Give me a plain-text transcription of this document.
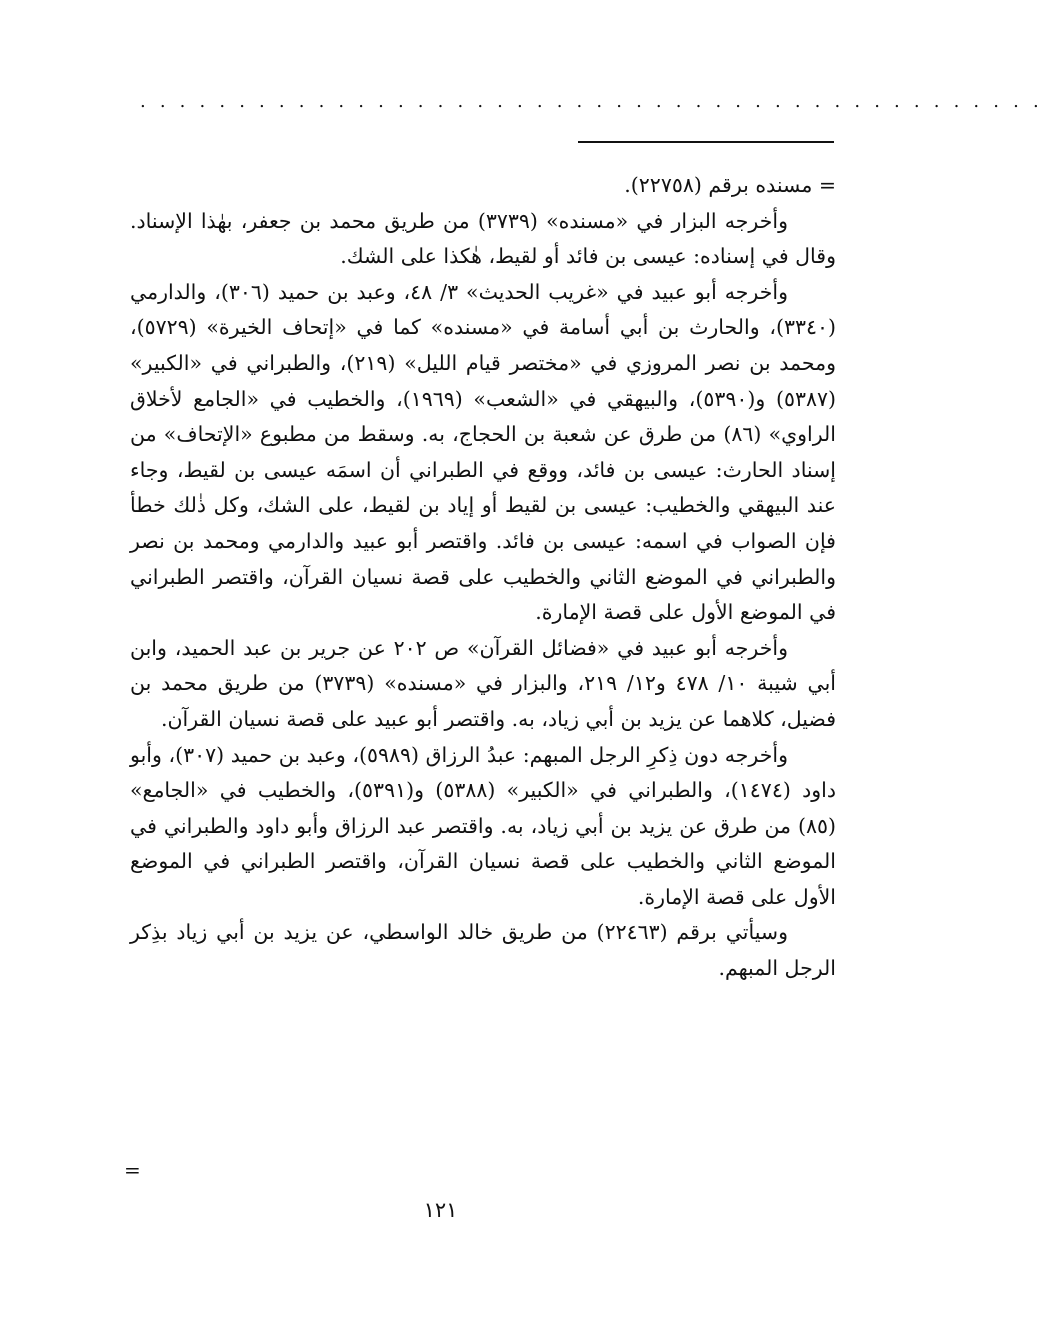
. . . . . . . . . . . . . . . . . . . . . . . . . . . . . . . . . . . . . . . . . . . . . .

= مسنده برقم (٢٢٧٥٨).

وأخرجه البزار في «مسنده» (٣٧٣٩) من طريق محمد بن جعفر، بهٰذا الإسناد. وقال في إسناده: عيسى بن فائد أو لقيط، هٰكذا على الشك.

وأخرجه أبو عبيد في «غريب الحديث» ٣/ ٤٨، وعبد بن حميد (٣٠٦)، والدارمي (٣٣٤٠)، والحارث بن أبي أسامة في «مسنده» كما في «إتحاف الخيرة» (٥٧٢٩)، ومحمد بن نصر المروزي في «مختصر قيام الليل» (٢١٩)، والطبراني في «الكبير» (٥٣٨٧) و(٥٣٩٠)، والبيهقي في «الشعب» (١٩٦٩)، والخطيب في «الجامع لأخلاق الراوي» (٨٦) من طرق عن شعبة بن الحجاج، به. وسقط من مطبوع «الإتحاف» من إسناد الحارث: عيسى بن فائد، ووقع في الطبراني أن اسمَه عيسى بن لقيط، وجاء عند البيهقي والخطيب: عيسى بن لقيط أو إياد بن لقيط، على الشك، وكل ذٰلك خطأ فإن الصواب في اسمه: عيسى بن فائد. واقتصر أبو عبيد والدارمي ومحمد بن نصر والطبراني في الموضع الثاني والخطيب على قصة نسيان القرآن، واقتصر الطبراني في الموضع الأول على قصة الإمارة.

وأخرجه أبو عبيد في «فضائل القرآن» ص ٢٠٢ عن جرير بن عبد الحميد، وابن أبي شيبة ١٠/ ٤٧٨ و١٢/ ٢١٩، والبزار في «مسنده» (٣٧٣٩) من طريق محمد بن فضيل، كلاهما عن يزيد بن أبي زياد، به. واقتصر أبو عبيد على قصة نسيان القرآن.

وأخرجه دون ذِكرِ الرجل المبهم: عبدُ الرزاق (٥٩٨٩)، وعبد بن حميد (٣٠٧)، وأبو داود (١٤٧٤)، والطبراني في «الكبير» (٥٣٨٨) و(٥٣٩١)، والخطيب في «الجامع» (٨٥) من طرق عن يزيد بن أبي زياد، به. واقتصر عبد الرزاق وأبو داود والطبراني في الموضع الثاني والخطيب على قصة نسيان القرآن، واقتصر الطبراني في الموضع الأول على قصة الإمارة.

وسيأتي برقم (٢٢٤٦٣) من طريق خالد الواسطي، عن يزيد بن أبي زياد بذِكر الرجل المبهم.

=
١٢١
